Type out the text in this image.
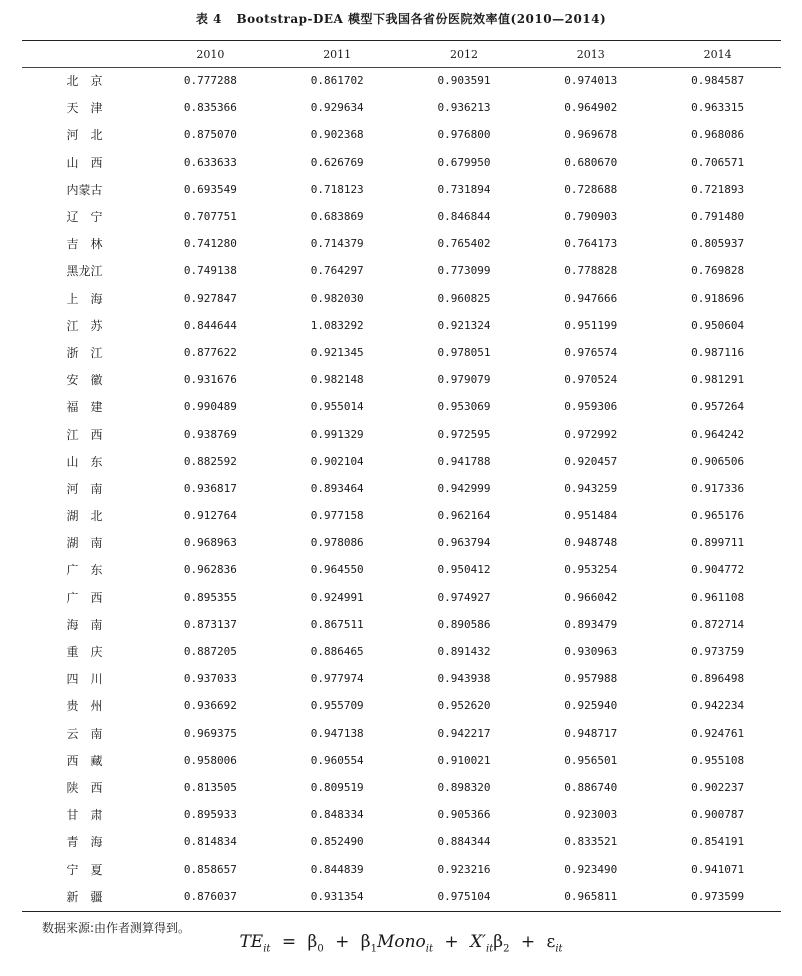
表 4 Bootstrap-DEA 模型下我国各省份医院效率值(2010—2014)
	2010	2011	2012	2013	2014
北　京	0.777288	0.861702	0.903591	0.974013	0.984587
天　津	0.835366	0.929634	0.936213	0.964902	0.963315
河　北	0.875070	0.902368	0.976800	0.969678	0.968086
山　西	0.633633	0.626769	0.679950	0.680670	0.706571
内蒙古	0.693549	0.718123	0.731894	0.728688	0.721893
辽　宁	0.707751	0.683869	0.846844	0.790903	0.791480
吉　林	0.741280	0.714379	0.765402	0.764173	0.805937
黑龙江	0.749138	0.764297	0.773099	0.778828	0.769828
上　海	0.927847	0.982030	0.960825	0.947666	0.918696
江　苏	0.844644	1.083292	0.921324	0.951199	0.950604
浙　江	0.877622	0.921345	0.978051	0.976574	0.987116
安　徽	0.931676	0.982148	0.979079	0.970524	0.981291
福　建	0.990489	0.955014	0.953069	0.959306	0.957264
江　西	0.938769	0.991329	0.972595	0.972992	0.964242
山　东	0.882592	0.902104	0.941788	0.920457	0.906506
河　南	0.936817	0.893464	0.942999	0.943259	0.917336
湖　北	0.912764	0.977158	0.962164	0.951484	0.965176
湖　南	0.968963	0.978086	0.963794	0.948748	0.899711
广　东	0.962836	0.964550	0.950412	0.953254	0.904772
广　西	0.895355	0.924991	0.974927	0.966042	0.961108
海　南	0.873137	0.867511	0.890586	0.893479	0.872714
重　庆	0.887205	0.886465	0.891432	0.930963	0.973759
四　川	0.937033	0.977974	0.943938	0.957988	0.896498
贵　州	0.936692	0.955709	0.952620	0.925940	0.942234
云　南	0.969375	0.947138	0.942217	0.948717	0.924761
西　藏	0.958006	0.960554	0.910021	0.956501	0.955108
陕　西	0.813505	0.809519	0.898320	0.886740	0.902237
甘　肃	0.895933	0.848334	0.905366	0.923003	0.900787
青　海	0.814834	0.852490	0.884344	0.833521	0.854191
宁　夏	0.858657	0.844839	0.923216	0.923490	0.941071
新　疆	0.876037	0.931354	0.975104	0.965811	0.973599
数据来源:由作者测算得到。
$TE_{it} = \beta_0$ + $\beta_1Mono_{it} + X'_{it}\beta_2 + \varepsilon_{it}$
